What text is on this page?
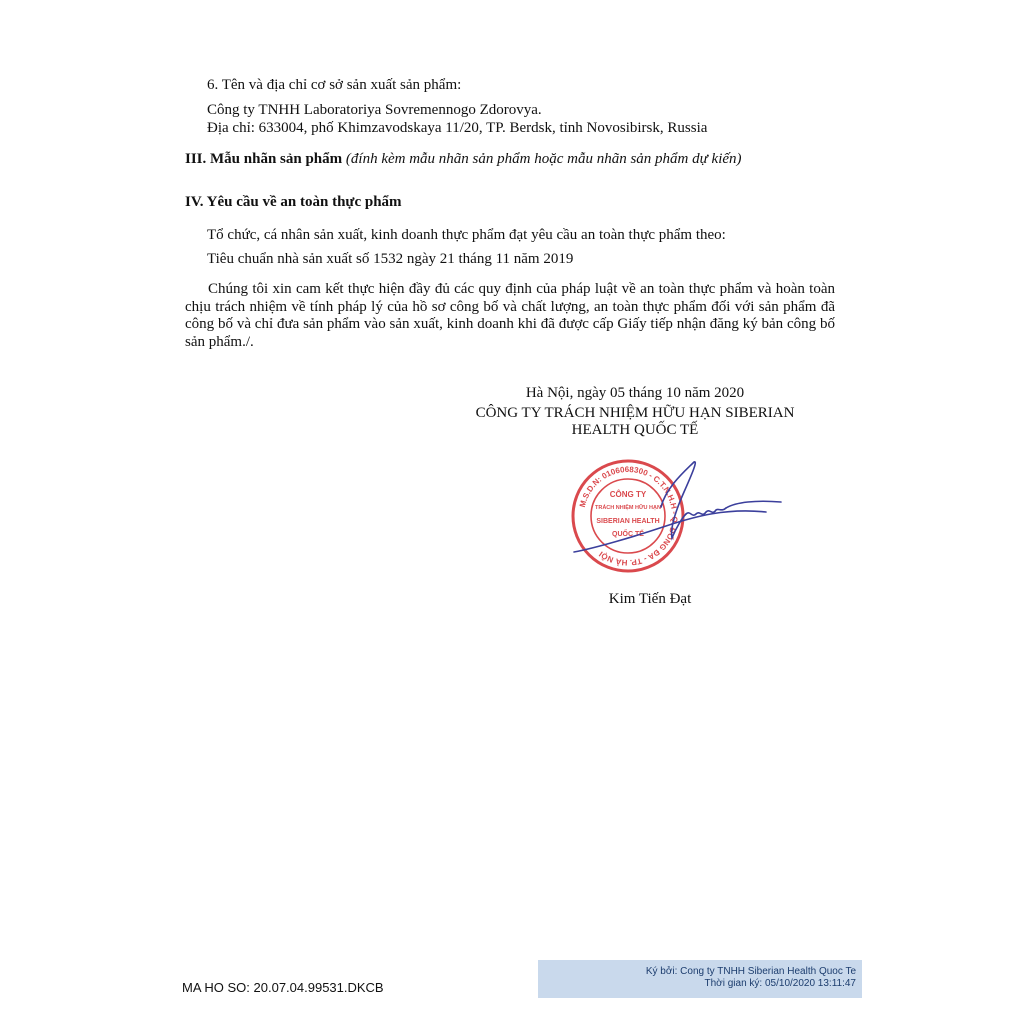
6. Tên và địa chỉ cơ sở sản xuất sản phẩm:
Công ty TNHH Laboratoriya Sovremennogo Zdorovya.
Địa chỉ: 633004, phố Khimzavodskaya 11/20, TP. Berdsk, tỉnh Novosibirsk, Russia
III. Mẫu nhãn sản phẩm (đính kèm mẫu nhãn sản phẩm hoặc mẫu nhãn sản phẩm dự kiến)
IV. Yêu cầu về an toàn thực phẩm
Tổ chức, cá nhân sản xuất, kinh doanh thực phẩm đạt yêu cầu an toàn thực phẩm theo:
Tiêu chuẩn nhà sản xuất số 1532 ngày 21 tháng 11 năm 2019
Chúng tôi xin cam kết thực hiện đầy đủ các quy định của pháp luật về an toàn thực phẩm và hoàn toàn chịu trách nhiệm về tính pháp lý của hồ sơ công bố và chất lượng, an toàn thực phẩm đối với sản phẩm đã công bố và chỉ đưa sản phẩm vào sản xuất, kinh doanh khi đã được cấp Giấy tiếp nhận đăng ký bản công bố sản phẩm./.
Hà Nội, ngày 05 tháng 10 năm 2020
CÔNG TY TRÁCH NHIỆM HỮU HẠN SIBERIAN
HEALTH QUỐC TẾ
M.S.D.N: 0106068300 - C.T.N.H.H - Q. ĐỐNG ĐA - TP. HÀ NỘI
CÔNG TY
TRÁCH NHIỆM HỮU HẠN
SIBERIAN HEALTH
QUỐC TẾ
Kim Tiến Đạt
MA HO SO: 20.07.04.99531.DKCB
Ký bởi: Cong ty TNHH Siberian Health Quoc Te
Thời gian ký: 05/10/2020 13:11:47
